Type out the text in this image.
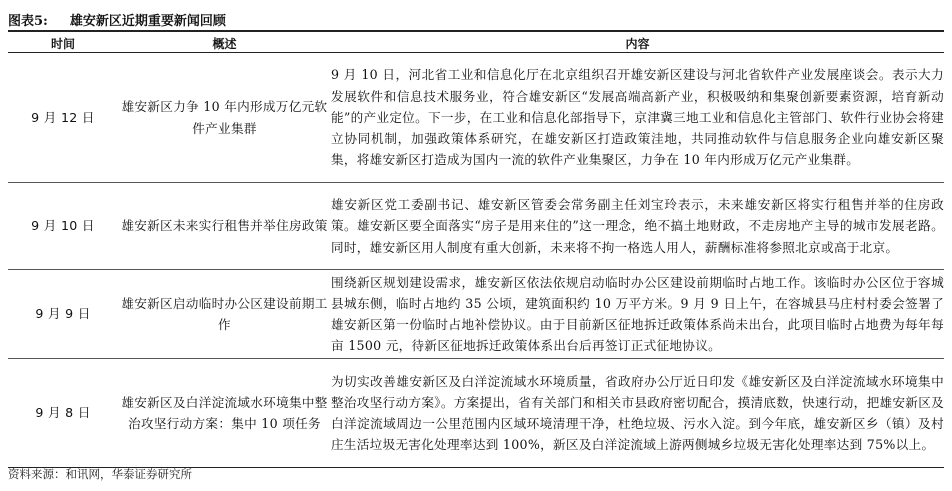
图表5: 雄安新区近期重要新闻回顾
时间	概述	内容
9 月 12 日	雄安新区力争 10 年内形成万亿元软件产业集群	9 月 10 日，河北省工业和信息化厅在北京组织召开雄安新区建设与河北省软件产业发展座谈会。表示大力发展软件和信息技术服务业，符合雄安新区“发展高端高新产业，积极吸纳和集聚创新要素资源，培育新动能”的产业定位。下一步，在工业和信息化部指导下，京津冀三地工业和信息化主管部门、软件行业协会将建立协同机制，加强政策体系研究，在雄安新区打造政策洼地，共同推动软件与信息服务企业向雄安新区聚集，将雄安新区打造成为国内一流的软件产业集聚区，力争在 10 年内形成万亿元产业集群。
9 月 10 日	雄安新区未来实行租售并举住房政策	雄安新区党工委副书记、雄安新区管委会常务副主任刘宝玲表示，未来雄安新区将实行租售并举的住房政策。雄安新区要全面落实“房子是用来住的”这一理念，绝不搞土地财政，不走房地产主导的城市发展老路。同时，雄安新区用人制度有重大创新，未来将不拘一格选人用人，薪酬标准将参照北京或高于北京。
9 月 9 日	雄安新区启动临时办公区建设前期工作	围绕新区规划建设需求，雄安新区依法依规启动临时办公区建设前期临时占地工作。该临时办公区位于容城县城东侧，临时占地约 35 公顷，建筑面积约 10 万平方米。9 月 9 日上午，在容城县马庄村村委会签署了雄安新区第一份临时占地补偿协议。由于目前新区征地拆迁政策体系尚未出台，此项目临时占地费为每年每亩 1500 元，待新区征地拆迁政策体系出台后再签订正式征地协议。
9 月 8 日	雄安新区及白洋淀流域水环境集中整治攻坚行动方案：集中 10 项任务	为切实改善雄安新区及白洋淀流域水环境质量，省政府办公厅近日印发《雄安新区及白洋淀流域水环境集中整治攻坚行动方案》。方案提出，省有关部门和相关市县政府密切配合，摸清底数，快速行动，把雄安新区及白洋淀流域周边一公里范围内区域环境清理干净，杜绝垃圾、污水入淀。到今年底，雄安新区乡（镇）及村庄生活垃圾无害化处理率达到 100%，新区及白洋淀流域上游两侧城乡垃圾无害化处理率达到 75%以上。
资料来源：和讯网，华泰证券研究所
